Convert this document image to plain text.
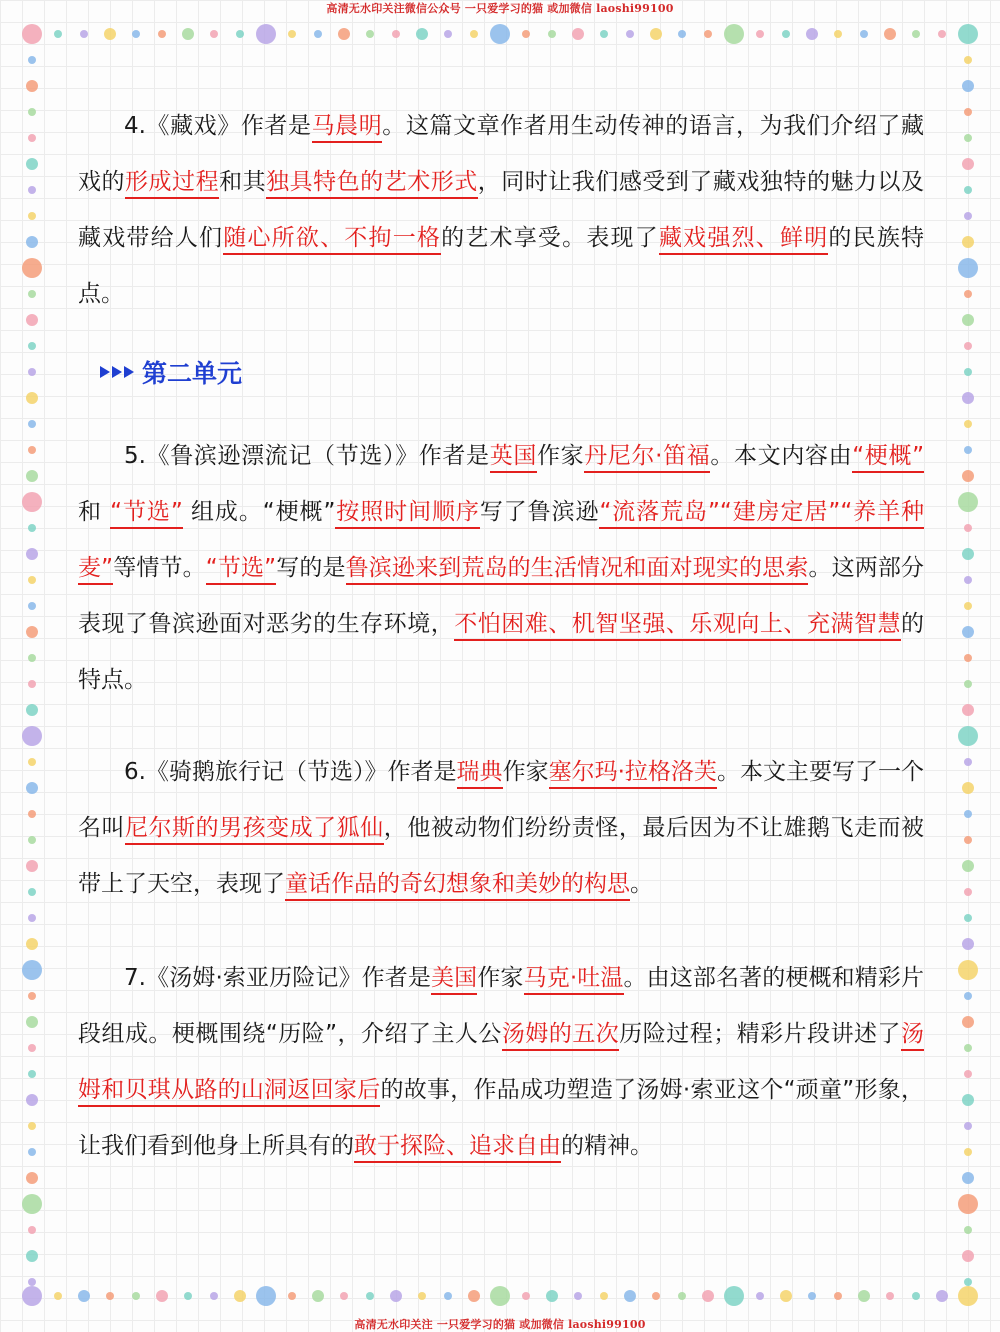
高清无水印关注微信公众号 一只爱学习的猫 或加微信 laoshi99100
高清无水印关注 一只爱学习的猫 或加微信 laoshi99100

4.《藏戏》作者是马晨明。这篇文章作者用生动传神的语言，为我们介绍了藏戏的形成过程和其独具特色的艺术形式，同时让我们感受到了藏戏独特的魅力以及藏戏带给人们随心所欲、不拘一格的艺术享受。表现了藏戏强烈、鲜明的民族特点。

第二单元

5.《鲁滨逊漂流记（节选）》作者是英国作家丹尼尔·笛福。本文内容由“梗概” 和 “节选” 组成。“梗概”按照时间顺序写了鲁滨逊“流落荒岛”“建房定居”“养羊种麦”等情节。“节选”写的是鲁滨逊来到荒岛的生活情况和面对现实的思索。这两部分表现了鲁滨逊面对恶劣的生存环境，不怕困难、机智坚强、乐观向上、充满智慧的特点。

6.《骑鹅旅行记（节选）》作者是瑞典作家塞尔玛·拉格洛芙。本文主要写了一个名叫尼尔斯的男孩变成了狐仙，他被动物们纷纷责怪，最后因为不让雄鹅飞走而被带上了天空，表现了童话作品的奇幻想象和美妙的构思。

7.《汤姆·索亚历险记》作者是美国作家马克·吐温。由这部名著的梗概和精彩片段组成。梗概围绕“历险”，介绍了主人公汤姆的五次历险过程；精彩片段讲述了汤姆和贝琪从路的山洞返回家后的故事，作品成功塑造了汤姆·索亚这个“顽童”形象，让我们看到他身上所具有的敢于探险、追求自由的精神。
